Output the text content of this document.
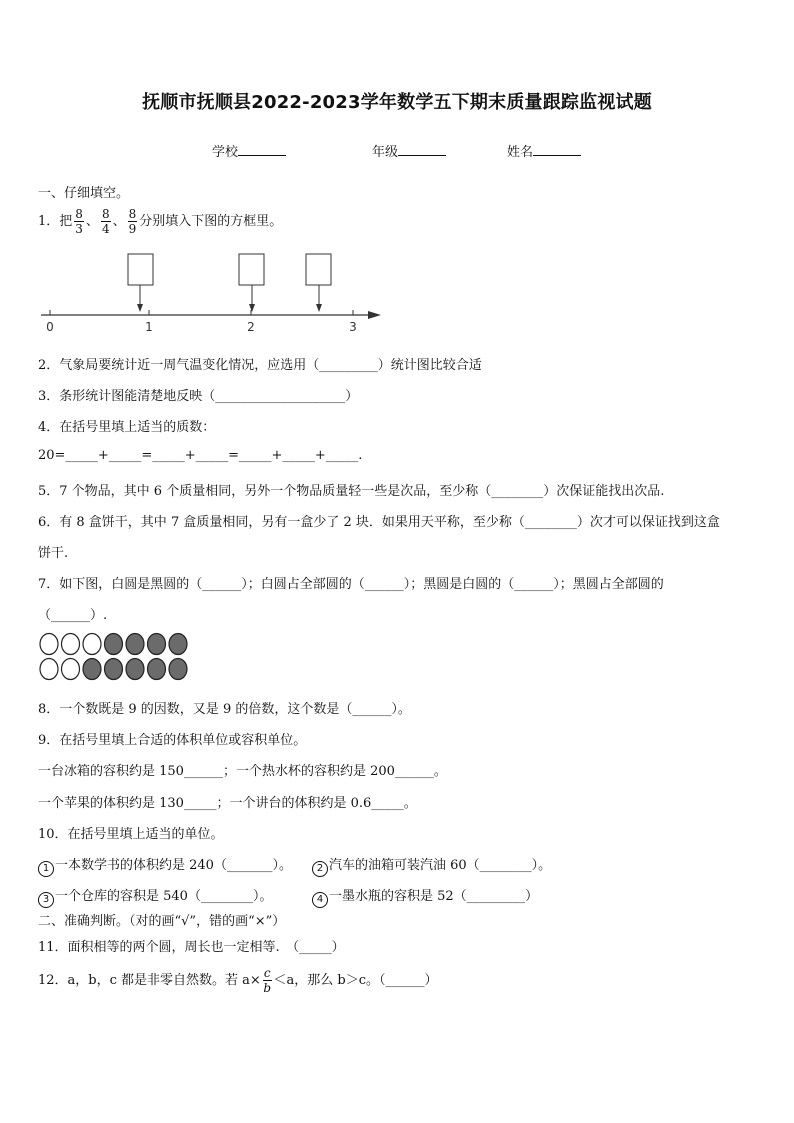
抚顺市抚顺县2022-2023学年数学五下期末质量跟踪监视试题
学校	年级	姓名
一、仔细填空。
1．把 $\frac{8}{3}$ 、 $\frac{8}{4}$ 、 $\frac{8}{9}$ 分别填入下图的方框里。
0	1	2	3
2．气象局要统计近一周气温变化情况，应选用（_________）统计图比较合适
3．条形统计图能清楚地反映（____________________）
4．在括号里填上适当的质数：
20=_____+_____=_____+_____=_____+_____+_____.
5．7 个物品，其中 6 个质量相同，另外一个物品质量轻一些是次品，至少称（________）次保证能找出次品.
6．有 8 盒饼干，其中 7 盒质量相同，另有一盒少了 2 块．如果用天平称，至少称（________）次才可以保证找到这盒
饼干.
7．如下图，白圆是黑圆的（______）；白圆占全部圆的（______）；黑圆是白圆的（______）；黑圆占全部圆的
（______）.
8．一个数既是 9 的因数，又是 9 的倍数，这个数是（______）。
9．在括号里填上合适的体积单位或容积单位。
一台冰箱的容积约是 150______；一个热水杯的容积约是 200______。
一个苹果的体积约是 130_____；一个讲台的体积约是 0.6_____。
10．在括号里填上适当的单位。
1 一本数学书的体积约是 240（_______）。	2 汽车的油箱可装汽油 60（________）。
3 一个仓库的容积是 540（________）。	4 一墨水瓶的容积是 52（_________）
二、准确判断。（对的画“√”，错的画“×”）
11．面积相等的两个圆，周长也一定相等.　（_____）
12．a，b，c 都是非零自然数。若 $a\times \frac{c}{b} <a$，那么 b＞c。（______）
